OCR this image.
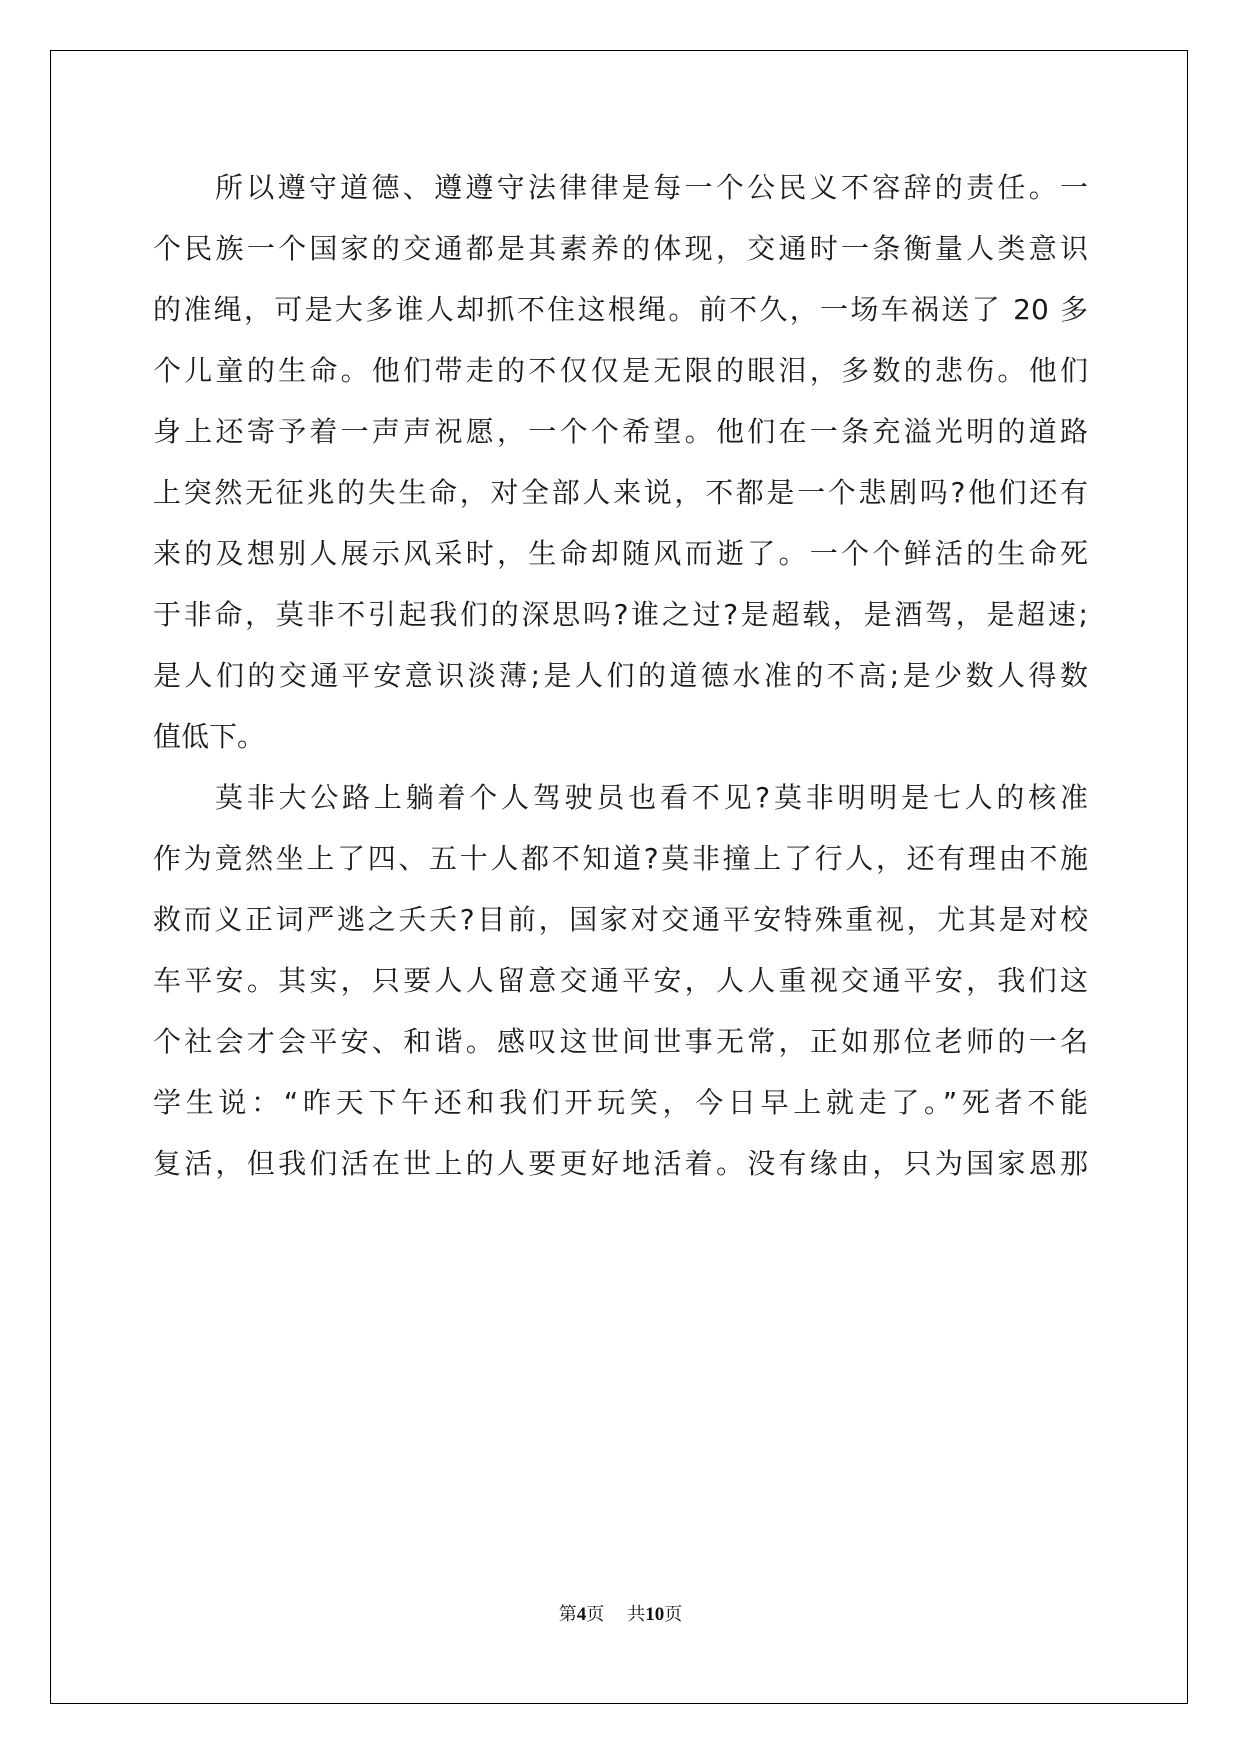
所以遵守道德、遵遵守法律律是每一个公民义不容辞的责任。一
个民族一个国家的交通都是其素养的体现，交通时一条衡量人类意识
的准绳，可是大多谁人却抓不住这根绳。前不久，一场车祸送了 20 多
个儿童的生命。他们带走的不仅仅是无限的眼泪，多数的悲伤。他们
身上还寄予着一声声祝愿，一个个希望。他们在一条充溢光明的道路
上突然无征兆的失生命，对全部人来说，不都是一个悲剧吗?他们还有
来的及想别人展示风采时，生命却随风而逝了。一个个鲜活的生命死
于非命，莫非不引起我们的深思吗?谁之过?是超载，是酒驾，是超速;
是人们的交通平安意识淡薄;是人们的道德水准的不高;是少数人得数
值低下。
莫非大公路上躺着个人驾驶员也看不见?莫非明明是七人的核准
作为竟然坐上了四、五十人都不知道?莫非撞上了行人，还有理由不施
救而义正词严逃之夭夭?目前，国家对交通平安特殊重视，尤其是对校
车平安。其实，只要人人留意交通平安，人人重视交通平安，我们这
个社会才会平安、和谐。感叹这世间世事无常，正如那位老师的一名
学生说：“昨天下午还和我们开玩笑，今日早上就走了。”死者不能
复活，但我们活在世上的人要更好地活着。没有缘由，只为国家恩那
第4页 共10页
